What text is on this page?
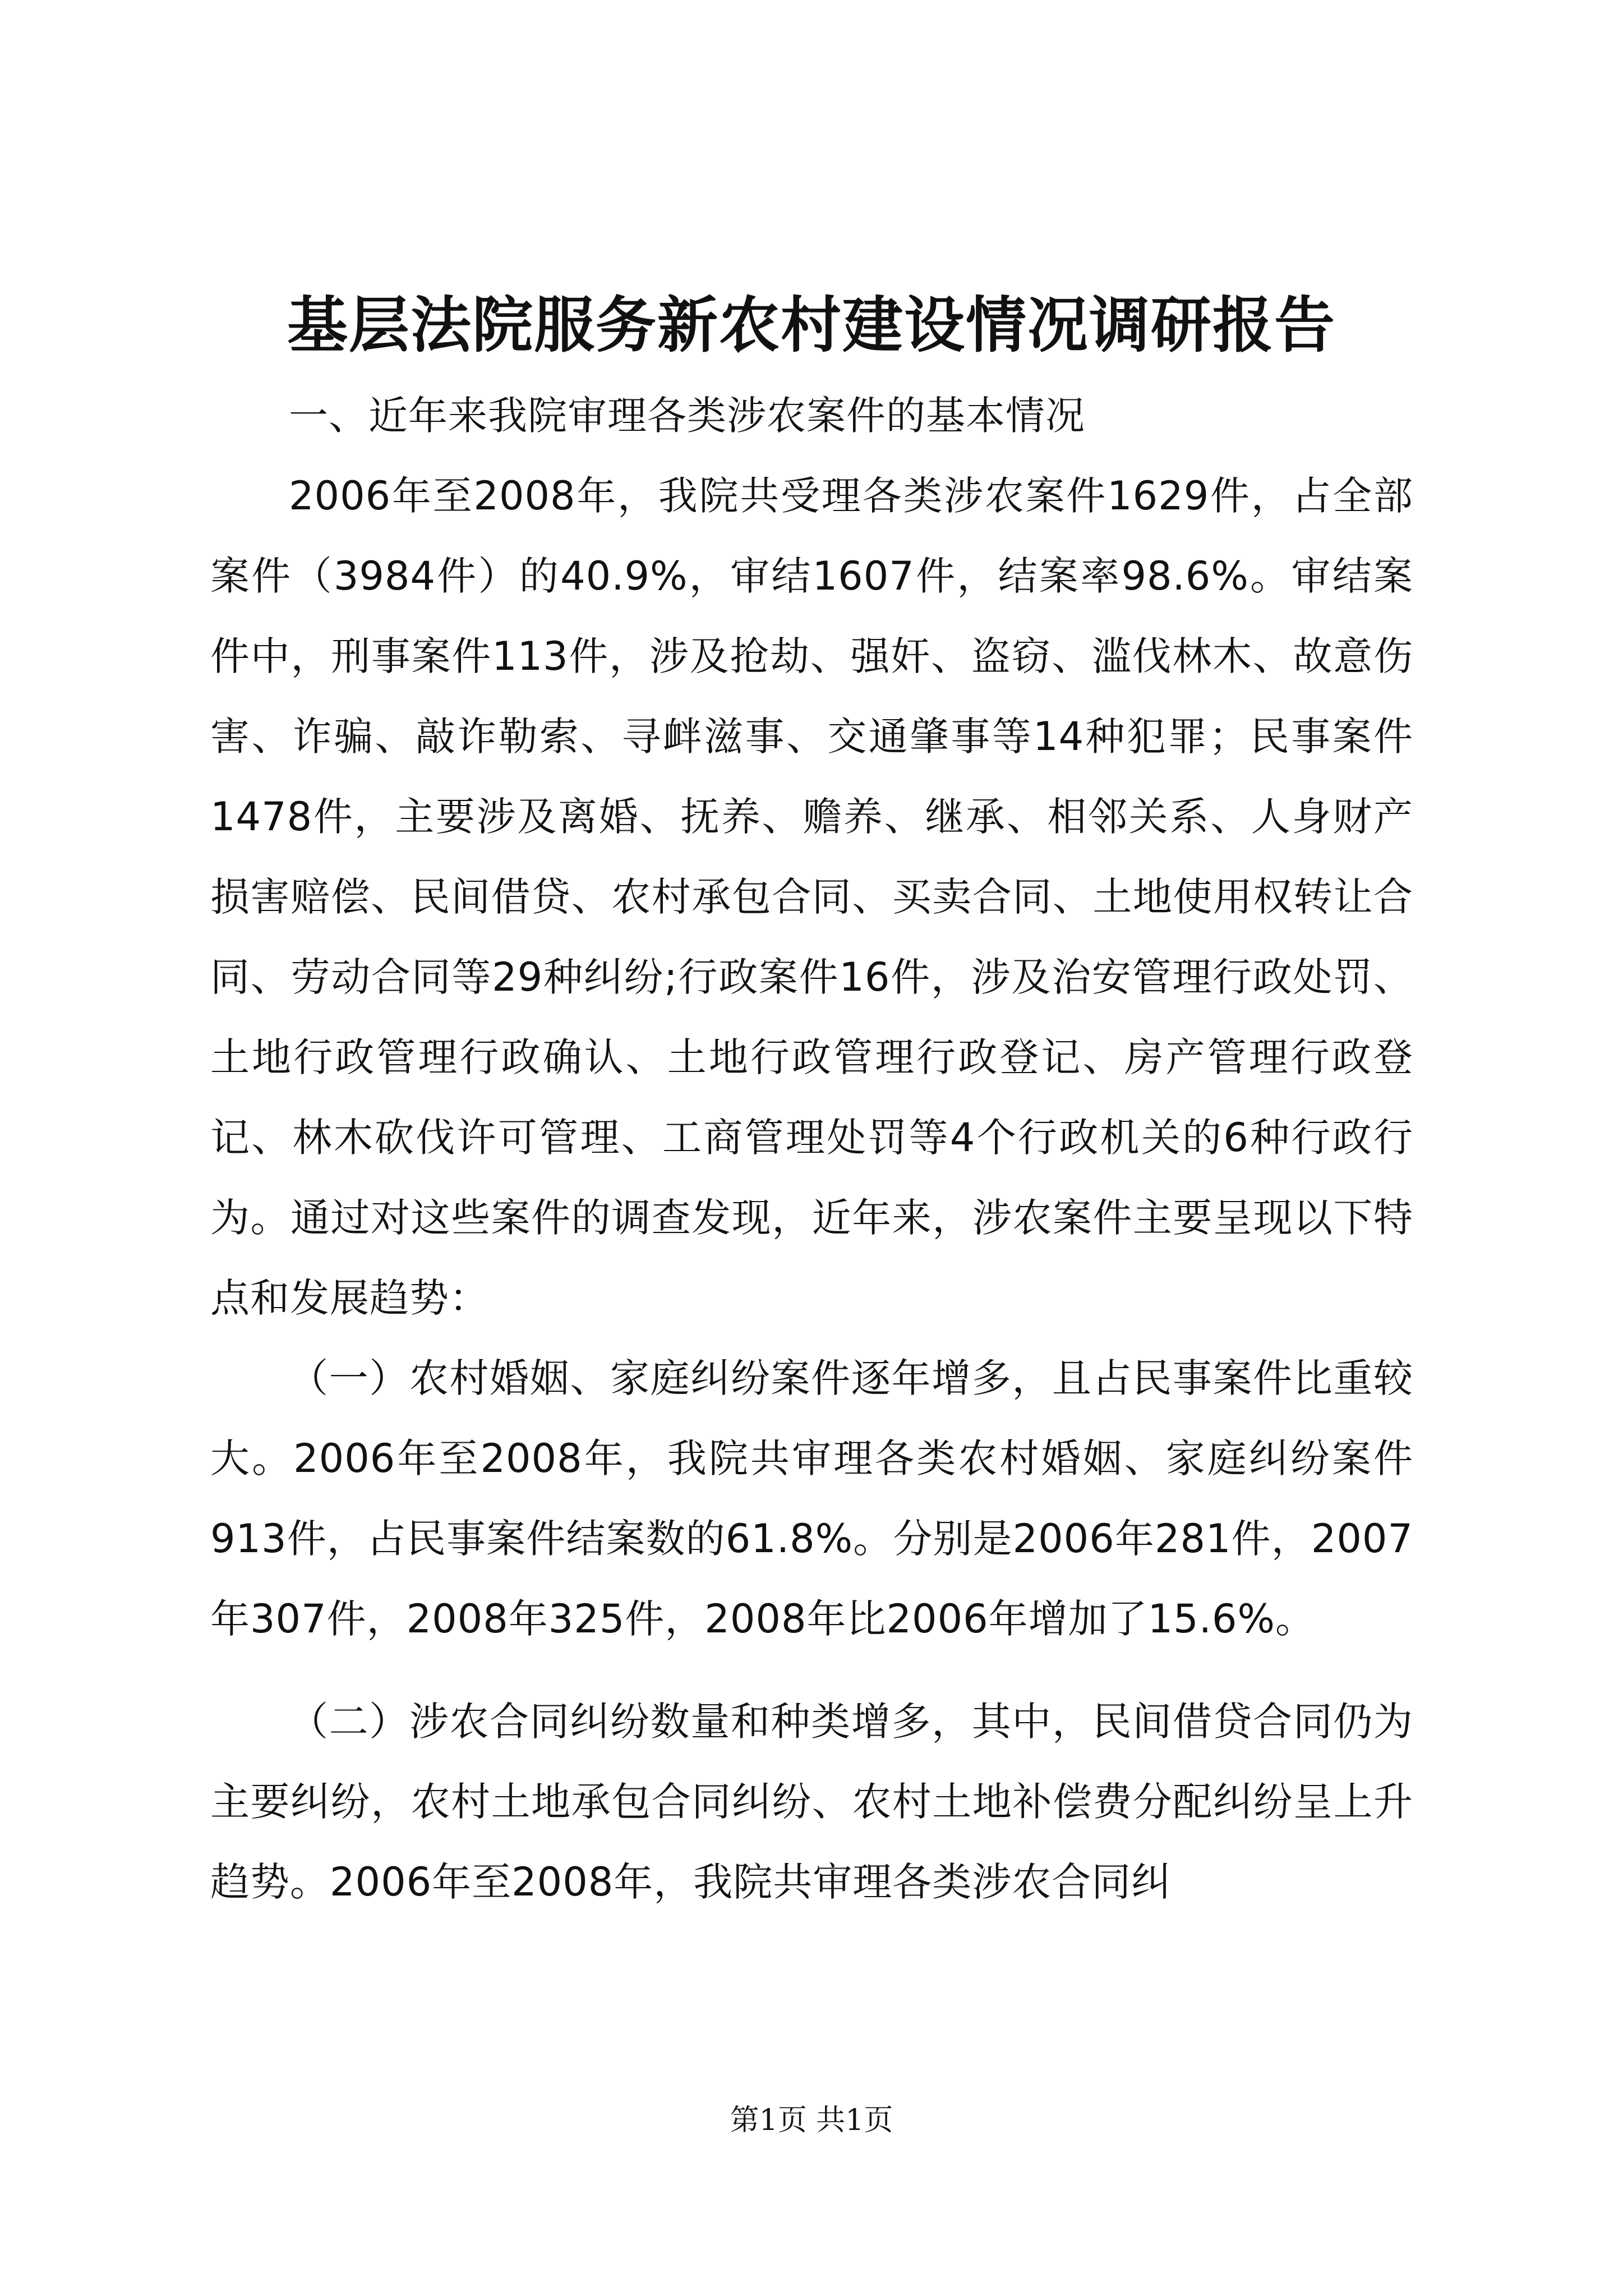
基层法院服务新农村建设情况调研报告

一、近年来我院审理各类涉农案件的基本情况

2006年至2008年，我院共受理各类涉农案件1629件，占全部案件（3984件）的40.9%，审结1607件，结案率98.6%。审结案件中，刑事案件113件，涉及抢劫、强奸、盗窃、滥伐林木、故意伤害、诈骗、敲诈勒索、寻衅滋事、交通肇事等14种犯罪；民事案件1478件，主要涉及离婚、抚养、赡养、继承、相邻关系、人身财产损害赔偿、民间借贷、农村承包合同、买卖合同、土地使用权转让合同、劳动合同等29种纠纷;行政案件16件，涉及治安管理行政处罚、土地行政管理行政确认、土地行政管理行政登记、房产管理行政登记、林木砍伐许可管理、工商管理处罚等4个行政机关的6种行政行为。通过对这些案件的调查发现，近年来，涉农案件主要呈现以下特点和发展趋势：

（一）农村婚姻、家庭纠纷案件逐年增多，且占民事案件比重较大。2006年至2008年，我院共审理各类农村婚姻、家庭纠纷案件913件，占民事案件结案数的61.8%。分别是2006年281件，2007年307件，2008年325件，2008年比2006年增加了15.6%。

（二）涉农合同纠纷数量和种类增多，其中，民间借贷合同仍为主要纠纷，农村土地承包合同纠纷、农村土地补偿费分配纠纷呈上升趋势。2006年至2008年，我院共审理各类涉农合同纠

第1页 共1页
